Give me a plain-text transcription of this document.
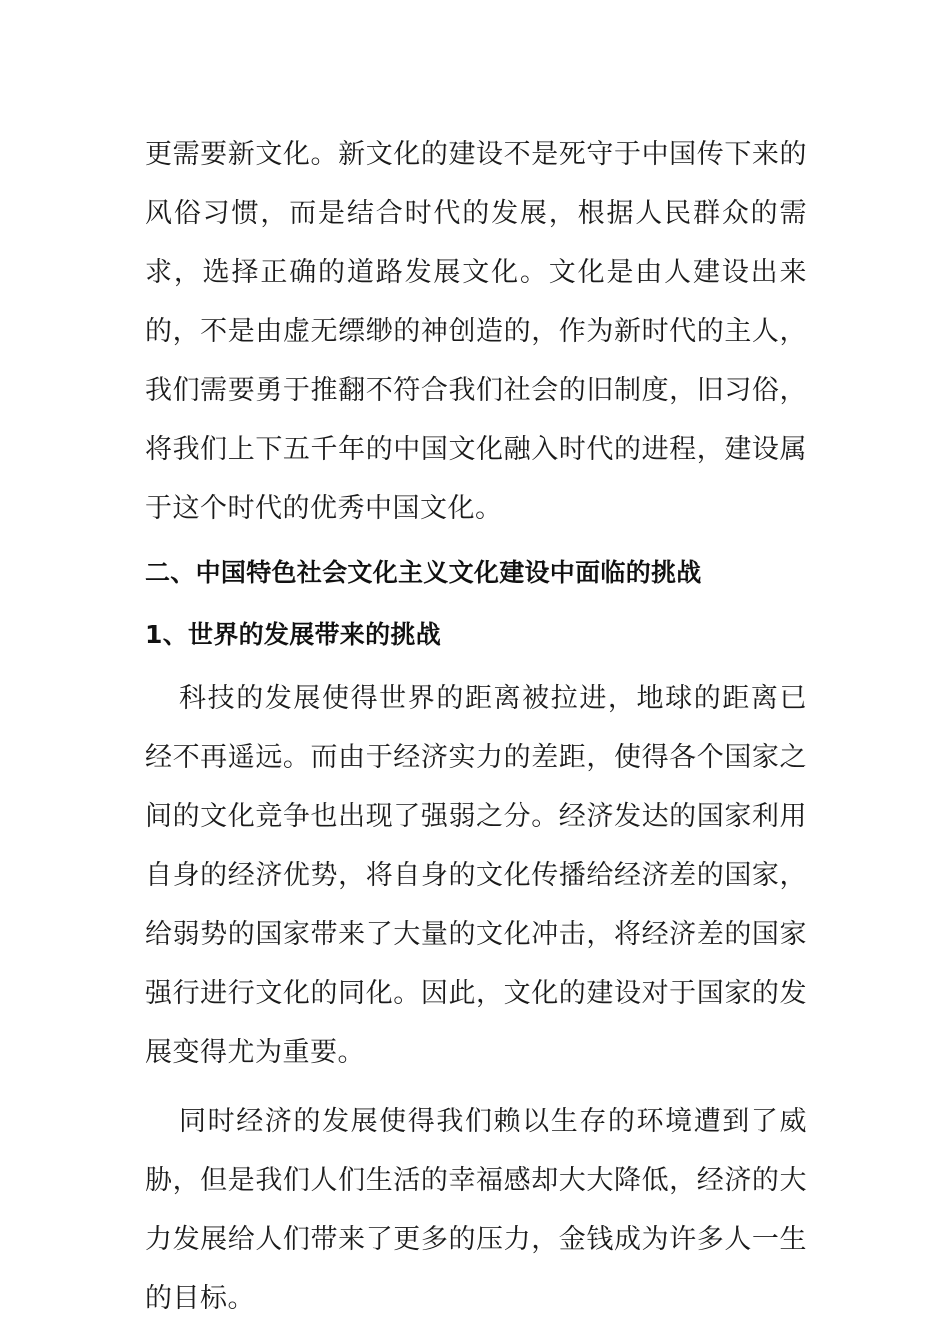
更需要新文化。新文化的建设不是死守于中国传下来的风俗习惯，而是结合时代的发展，根据人民群众的需求，选择正确的道路发展文化。文化是由人建设出来的，不是由虚无缥缈的神创造的，作为新时代的主人，我们需要勇于推翻不符合我们社会的旧制度，旧习俗，将我们上下五千年的中国文化融入时代的进程，建设属于这个时代的优秀中国文化。

二、中国特色社会文化主义文化建设中面临的挑战
1、世界的发展带来的挑战

科技的发展使得世界的距离被拉进，地球的距离已经不再遥远。而由于经济实力的差距，使得各个国家之间的文化竞争也出现了强弱之分。经济发达的国家利用自身的经济优势，将自身的文化传播给经济差的国家，给弱势的国家带来了大量的文化冲击，将经济差的国家强行进行文化的同化。因此，文化的建设对于国家的发展变得尤为重要。

同时经济的发展使得我们赖以生存的环境遭到了威胁，但是我们人们生活的幸福感却大大降低，经济的大力发展给人们带来了更多的压力，金钱成为许多人一生的目标。
